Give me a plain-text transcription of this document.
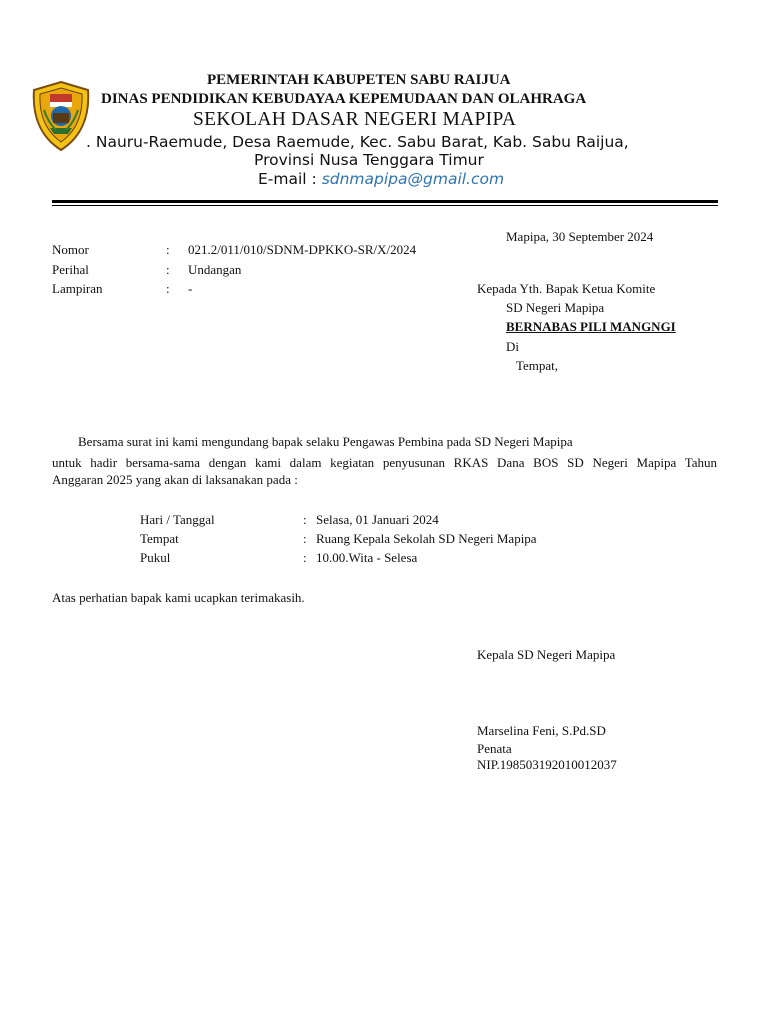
PEMERINTAH KABUPETEN SABU RAIJUA
DINAS PENDIDIKAN KEBUDAYAA KEPEMUDAAN DAN OLAHRAGA
SEKOLAH DASAR NEGERI MAPIPA
. Nauru-Raemude, Desa Raemude, Kec. Sabu Barat, Kab. Sabu Raijua,
Provinsi Nusa Tenggara Timur
E-mail : sdnmapipa@gmail.com
Mapipa, 30 September 2024
Nomor	: 021.2/011/010/SDNM-DPKKO-SR/X/2024
Perihal	: Undangan
Lampiran	: -	Kepada Yth. Bapak Ketua Komite
SD Negeri Mapipa
BERNABAS PILI MANGNGI
Di
Tempat,
Bersama surat ini kami mengundang bapak selaku Pengawas Pembina pada SD Negeri Mapipa
untuk hadir bersama-sama dengan kami dalam kegiatan penyusunan RKAS Dana BOS SD Negeri Mapipa Tahun
Anggaran 2025 yang akan di laksanakan pada :
Hari / Tanggal	: Selasa, 01 Januari 2024
Tempat	: Ruang Kepala Sekolah SD Negeri Mapipa
Pukul	: 10.00.Wita - Selesa
Atas perhatian bapak kami ucapkan terimakasih.
Kepala SD Negeri Mapipa
Marselina Feni, S.Pd.SD
Penata
NIP.198503192010012037
